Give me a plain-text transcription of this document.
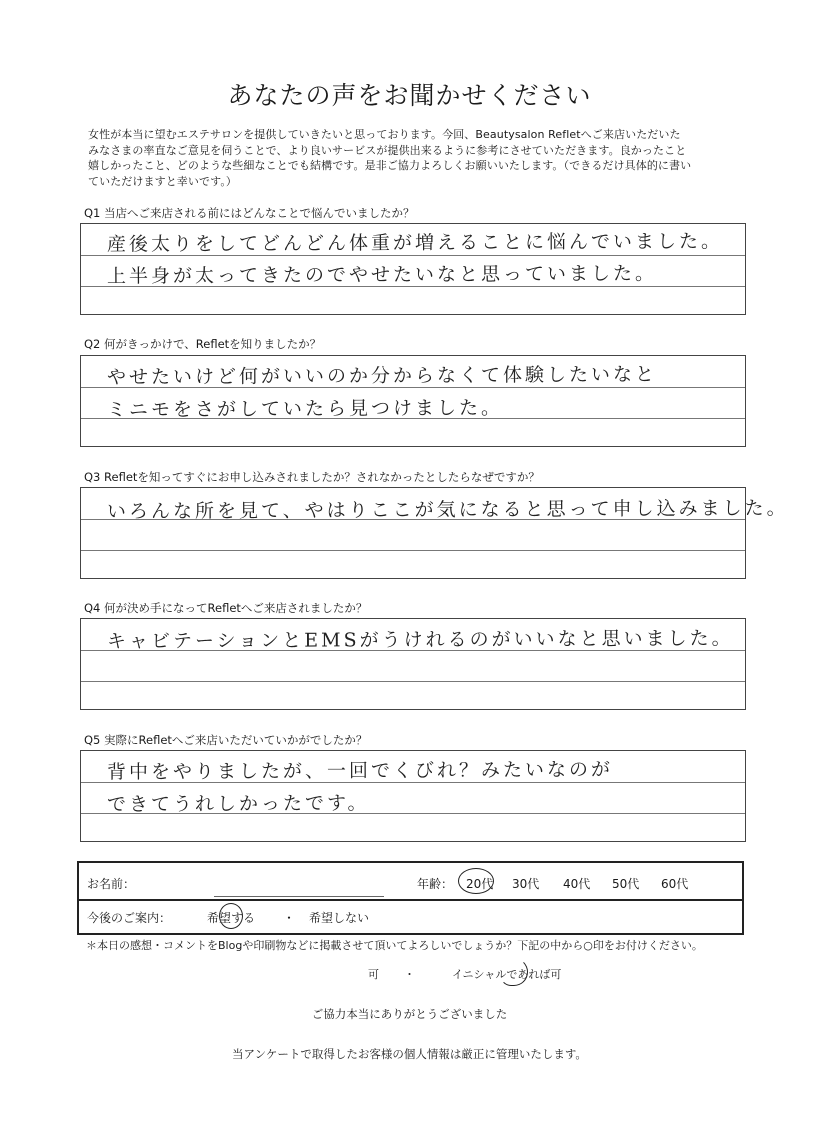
あなたの声をお聞かせください
女性が本当に望むエステサロンを提供していきたいと思っております。今回、Beautysalon Refletへご来店いただいた
みなさまの率直なご意見を伺うことで、より良いサービスが提供出来るように参考にさせていただきます。良かったこと
嬉しかったこと、どのような些細なことでも結構です。是非ご協力よろしくお願いいたします。（できるだけ具体的に書い
ていただけますと幸いです。）
Q1 当店へご来店される前にはどんなことで悩んでいましたか？
産後太りをしてどんどん体重が増えることに悩んでいました。
上半身が太ってきたのでやせたいなと思っていました。
Q2 何がきっかけで、Refletを知りましたか？
やせたいけど何がいいのか分からなくて体験したいなと
ミニモをさがしていたら見つけました。
Q3 Refletを知ってすぐにお申し込みされましたか？されなかったとしたらなぜですか？
いろんな所を見て、やはりここが気になると思って申し込みました。
Q4 何が決め手になってRefletへご来店されましたか？
キャビテーションとEMSがうけれるのがいいなと思いました。
Q5 実際にRefletへご来店いただいていかがでしたか？
背中をやりましたが、一回でくびれ？みたいなのが
できてうれしかったです。
お名前：	年齢： 20代 30代 40代 50代 60代
今後のご案内：	希望する ・ 希望しない
＊本日の感想・コメントをBlogや印刷物などに掲載させて頂いてよろしいでしょうか？下記の中から○印をお付けください。
可 ・	イニシャルであれば可
ご協力本当にありがとうございました
当アンケートで取得したお客様の個人情報は厳正に管理いたします。
